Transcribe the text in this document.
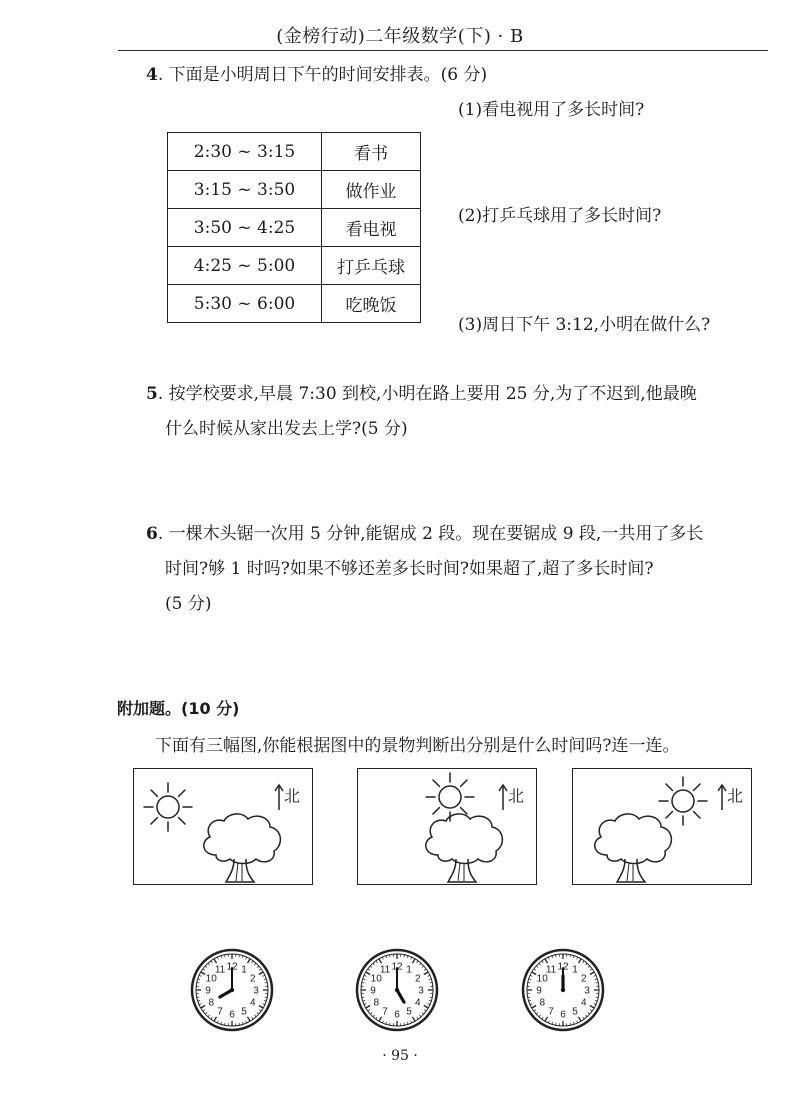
(金榜行动)二年级数学(下) · B
4. 下面是小明周日下午的时间安排表。(6 分)
(1)看电视用了多长时间?
2:30 ~ 3:15	看书
3:15 ~ 3:50	做作业
3:50 ~ 4:25	看电视
4:25 ~ 5:00	打乒乓球
5:30 ~ 6:00	吃晚饭
(2)打乒乓球用了多长时间?
(3)周日下午 3:12,小明在做什么?
5. 按学校要求,早晨 7:30 到校,小明在路上要用 25 分,为了不迟到,他最晚
什么时候从家出发去上学?(5 分)
6. 一棵木头锯一次用 5 分钟,能锯成 2 段。现在要锯成 9 段,一共用了多长
时间?够 1 时吗?如果不够还差多长时间?如果超了,超了多长时间?
(5 分)
附加题。(10 分)
下面有三幅图,你能根据图中的景物判断出分别是什么时间吗?连一连。
北	北	北
12 1
2
3
4
5
6
7
8
9
10
11	12 1
2
3
4
5
6
7
8
9
10
11	12 1
2
3
4
5
6
7
8
9
10
11
· 95 ·
